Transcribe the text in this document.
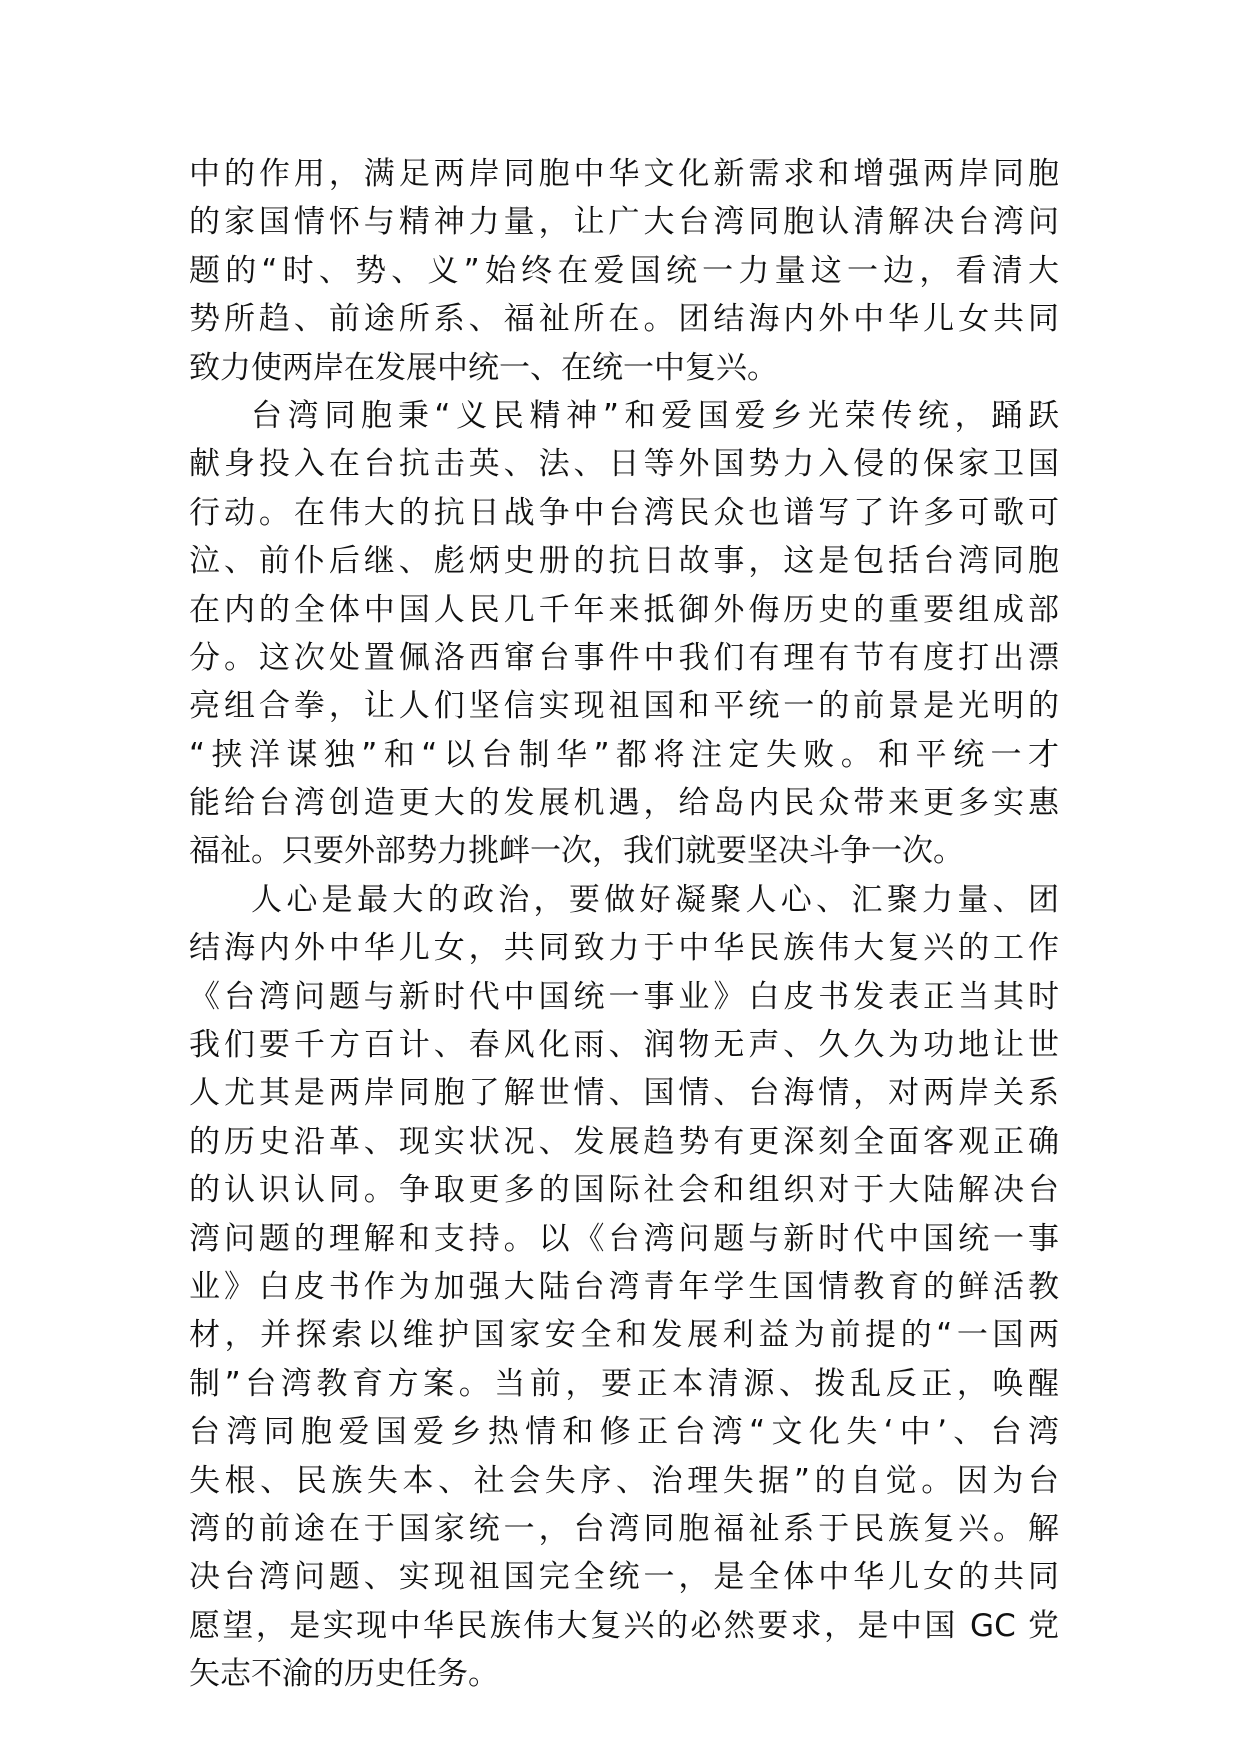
中的作用，满足两岸同胞中华文化新需求和增强两岸同胞
的家国情怀与精神力量，让广大台湾同胞认清解决台湾问
题的“时、势、义”始终在爱国统一力量这一边，看清大
势所趋、前途所系、福祉所在。团结海内外中华儿女共同
致力使两岸在发展中统一、在统一中复兴。
台湾同胞秉“义民精神”和爱国爱乡光荣传统，踊跃
献身投入在台抗击英、法、日等外国势力入侵的保家卫国
行动。在伟大的抗日战争中台湾民众也谱写了许多可歌可
泣、前仆后继、彪炳史册的抗日故事，这是包括台湾同胞
在内的全体中国人民几千年来抵御外侮历史的重要组成部
分。这次处置佩洛西窜台事件中我们有理有节有度打出漂
亮组合拳，让人们坚信实现祖国和平统一的前景是光明的
“挟洋谋独”和“以台制华”都将注定失败。和平统一才
能给台湾创造更大的发展机遇，给岛内民众带来更多实惠
福祉。只要外部势力挑衅一次，我们就要坚决斗争一次。
人心是最大的政治，要做好凝聚人心、汇聚力量、团
结海内外中华儿女，共同致力于中华民族伟大复兴的工作
《台湾问题与新时代中国统一事业》白皮书发表正当其时
我们要千方百计、春风化雨、润物无声、久久为功地让世
人尤其是两岸同胞了解世情、国情、台海情，对两岸关系
的历史沿革、现实状况、发展趋势有更深刻全面客观正确
的认识认同。争取更多的国际社会和组织对于大陆解决台
湾问题的理解和支持。以《台湾问题与新时代中国统一事
业》白皮书作为加强大陆台湾青年学生国情教育的鲜活教
材，并探索以维护国家安全和发展利益为前提的“一国两
制”台湾教育方案。当前，要正本清源、拨乱反正，唤醒
台湾同胞爱国爱乡热情和修正台湾“文化失‘中’、台湾
失根、民族失本、社会失序、治理失据”的自觉。因为台
湾的前途在于国家统一，台湾同胞福祉系于民族复兴。解
决台湾问题、实现祖国完全统一，是全体中华儿女的共同
愿望，是实现中华民族伟大复兴的必然要求，是中国 GC 党
矢志不渝的历史任务。
